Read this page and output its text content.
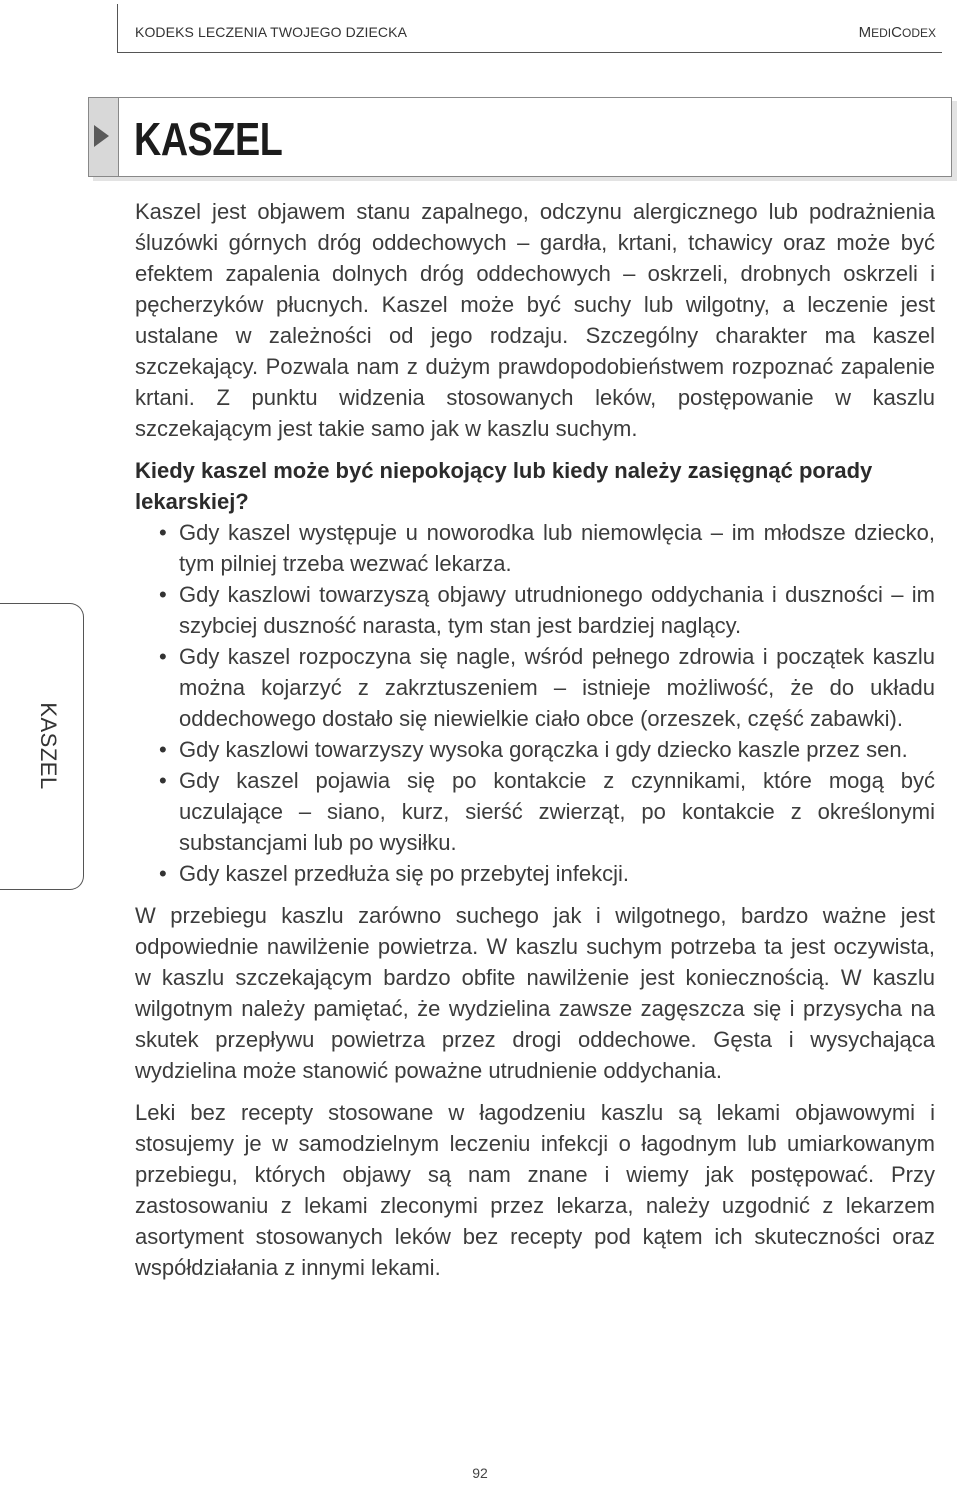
KODEKS LECZENIA TWOJEGO DZIECKA	MEDICODEX
KASZEL
KASZEL

Kaszel jest objawem stanu zapalnego, odczynu alergicznego lub podrażnienia śluzówki górnych dróg oddechowych – gardła, krtani, tchawicy oraz może być efektem zapalenia dolnych dróg oddechowych – oskrzeli, drobnych oskrzeli i pęcherzyków płucnych. Kaszel może być suchy lub wilgotny, a leczenie jest ustalane w zależności od jego rodzaju. Szczególny charakter ma kaszel szczekający. Pozwala nam z dużym prawdopodobieństwem rozpoznać zapalenie krtani. Z punktu widzenia stosowanych leków, postępowanie w kaszlu szczekającym jest takie samo jak w kaszlu suchym.

Kiedy kaszel może być niepokojący lub kiedy należy zasięgnąć porady lekarskiej?

• Gdy kaszel występuje u noworodka lub niemowlęcia – im młodsze dziecko, tym pilniej trzeba wezwać lekarza.
• Gdy kaszlowi towarzyszą objawy utrudnionego oddychania i duszności – im szybciej duszność narasta, tym stan jest bardziej naglący.
• Gdy kaszel rozpoczyna się nagle, wśród pełnego zdrowia i początek kaszlu można kojarzyć z zakrztuszeniem – istnieje możliwość, że do układu oddechowego dostało się niewielkie ciało obce (orzeszek, część zabawki).
• Gdy kaszlowi towarzyszy wysoka gorączka i gdy dziecko kaszle przez sen.
• Gdy kaszel pojawia się po kontakcie z czynnikami, które mogą być uczulające – siano, kurz, sierść zwierząt, po kontakcie z określonymi substancjami lub po wysiłku.
• Gdy kaszel przedłuża się po przebytej infekcji.

W przebiegu kaszlu zarówno suchego jak i wilgotnego, bardzo ważne jest odpowiednie nawilżenie powietrza. W kaszlu suchym potrzeba ta jest oczywista, w kaszlu szczekającym bardzo obfite nawilżenie jest koniecznością. W kaszlu wilgotnym należy pamiętać, że wydzielina zawsze zagęszcza się i przysycha na skutek przepływu powietrza przez drogi oddechowe. Gęsta i wysychająca wydzielina może stanowić poważne utrudnienie oddychania.

Leki bez recepty stosowane w łagodzeniu kaszlu są lekami objawowymi i stosujemy je w samodzielnym leczeniu infekcji o łagodnym lub umiarkowanym przebiegu, których objawy są nam znane i wiemy jak postępować. Przy zastosowaniu z lekami zleconymi przez lekarza, należy uzgodnić z lekarzem asortyment stosowanych leków bez recepty pod kątem ich skuteczności oraz współdziałania z innymi lekami.

92
